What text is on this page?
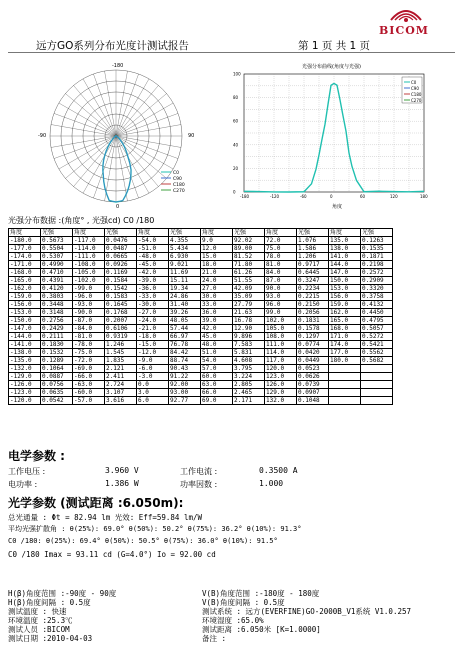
远方GO系列分布光度计测试报告	第 1 页 共 1 页
BICOM
-180
-90	90
0
C0
C90
C180
C270
光强分布曲线(角度与光强)
-180	-120	-60	0	60	120	180
0
20
40
60
80
100
C0
C90
C180
C270
角度
光强分布数据 :(角度° , 光强cd) C0 /180
角度	光强	角度	光强	角度	光强	角度	光强	角度	光强	角度	光强
-180.0	0.5673	-117.0	0.0476	-54.0	4.355	9.0	92.02	72.0	1.076	135.0	0.1263
-177.0	0.5504	-114.0	0.0487	-51.0	5.434	12.0	89.00	75.0	1.586	138.0	0.1535
-174.0	0.5307	-111.0	0.0665	-48.0	6.930	15.0	81.52	78.0	1.206	141.0	0.1871
-171.0	0.4990	-108.0	0.0926	-45.0	9.021	18.0	71.80	81.0	0.9717	144.0	0.2198
-168.0	0.4710	-105.0	0.1169	-42.0	11.69	21.0	61.26	84.0	0.6445	147.0	0.2572
-165.0	0.4391	-102.0	0.1584	-39.0	15.11	24.0	51.55	87.0	0.3247	150.0	0.2909
-162.0	0.4120	-99.0	0.1542	-36.0	19.34	27.0	42.09	90.0	0.2234	153.0	0.3320
-159.0	0.3803	-96.0	0.1583	-33.0	24.86	30.0	35.09	93.0	0.2215	156.0	0.3758
-156.0	0.3448	-93.0	0.1645	-30.0	31.40	33.0	27.79	96.0	0.2150	159.0	0.4132
-153.0	0.3148	-90.0	0.1768	-27.0	39.26	36.0	21.63	99.0	0.2056	162.0	0.4450
-150.0	0.2756	-87.0	0.2007	-24.0	48.05	39.0	16.78	102.0	0.1831	165.0	0.4795
-147.0	0.2429	-84.0	0.6106	-21.0	57.44	42.0	12.90	105.0	0.1578	168.0	0.5057
-144.0	0.2111	-81.0	0.9319	-18.0	66.97	45.0	9.896	108.0	0.1297	171.0	0.5272
-141.0	0.1830	-78.0	1.246	-15.0	76.78	48.0	7.583	111.0	0.0774	174.0	0.5421
-138.0	0.1532	-75.0	1.545	-12.0	84.42	51.0	5.831	114.0	0.0420	177.0	0.5562
-135.0	0.1289	-72.0	1.835	-9.0	88.74	54.0	4.608	117.0	0.0449	180.0	0.5682
-132.0	0.1064	-69.0	2.121	-6.0	90.43	57.0	3.795	120.0	0.0523		
-129.0	0.0887	-66.0	2.411	-3.0	91.22	60.0	3.224	123.0	0.0626		
-126.0	0.0756	-63.0	2.724	0.0	92.00	63.0	2.805	126.0	0.0739		
-123.0	0.0635	-60.0	3.107	3.0	93.00	66.0	2.465	129.0	0.0907		
-120.0	0.0542	-57.0	3.616	6.0	92.77	69.0	2.171	132.0	0.1048		
电学参数 :
工作电压 :	3.960 V	工作电流 :	0.3500 A
电功率 :	1.386 W	功率因数 :	1.000
光学参数 (测试距离 :6.050m):
总光通量 : Φt = 82.94 lm 光效: Eff=59.84 lm/W
平均光强扩散角 : θ(25%): 69.0° θ(50%): 50.2° θ(75%): 36.2° θ(10%): 91.3°
C0 /180: θ(25%): 69.4° θ(50%): 50.5° θ(75%): 36.0° θ(10%): 91.5°
C0 /180 Imax = 93.11 cd (G=4.0°) Io = 92.00 cd
H(β)角度范围 :-90度 - 90度
H(β)角度间隔 : 0.5度
测试温度 : 快速
环境温度 :25.3℃
测试人员 :BICOM
测试日期 :2010-04-03
V(B)角度范围 :-180度 - 180度
V(B)角度间隔 : 0.5度
测试系统 : 远方(EVERFINE)GO-2000B_V1系统 V1.0.257
环境湿度 :65.0%
测试距离 :6.050米 [K=1.0000]
备注 :
